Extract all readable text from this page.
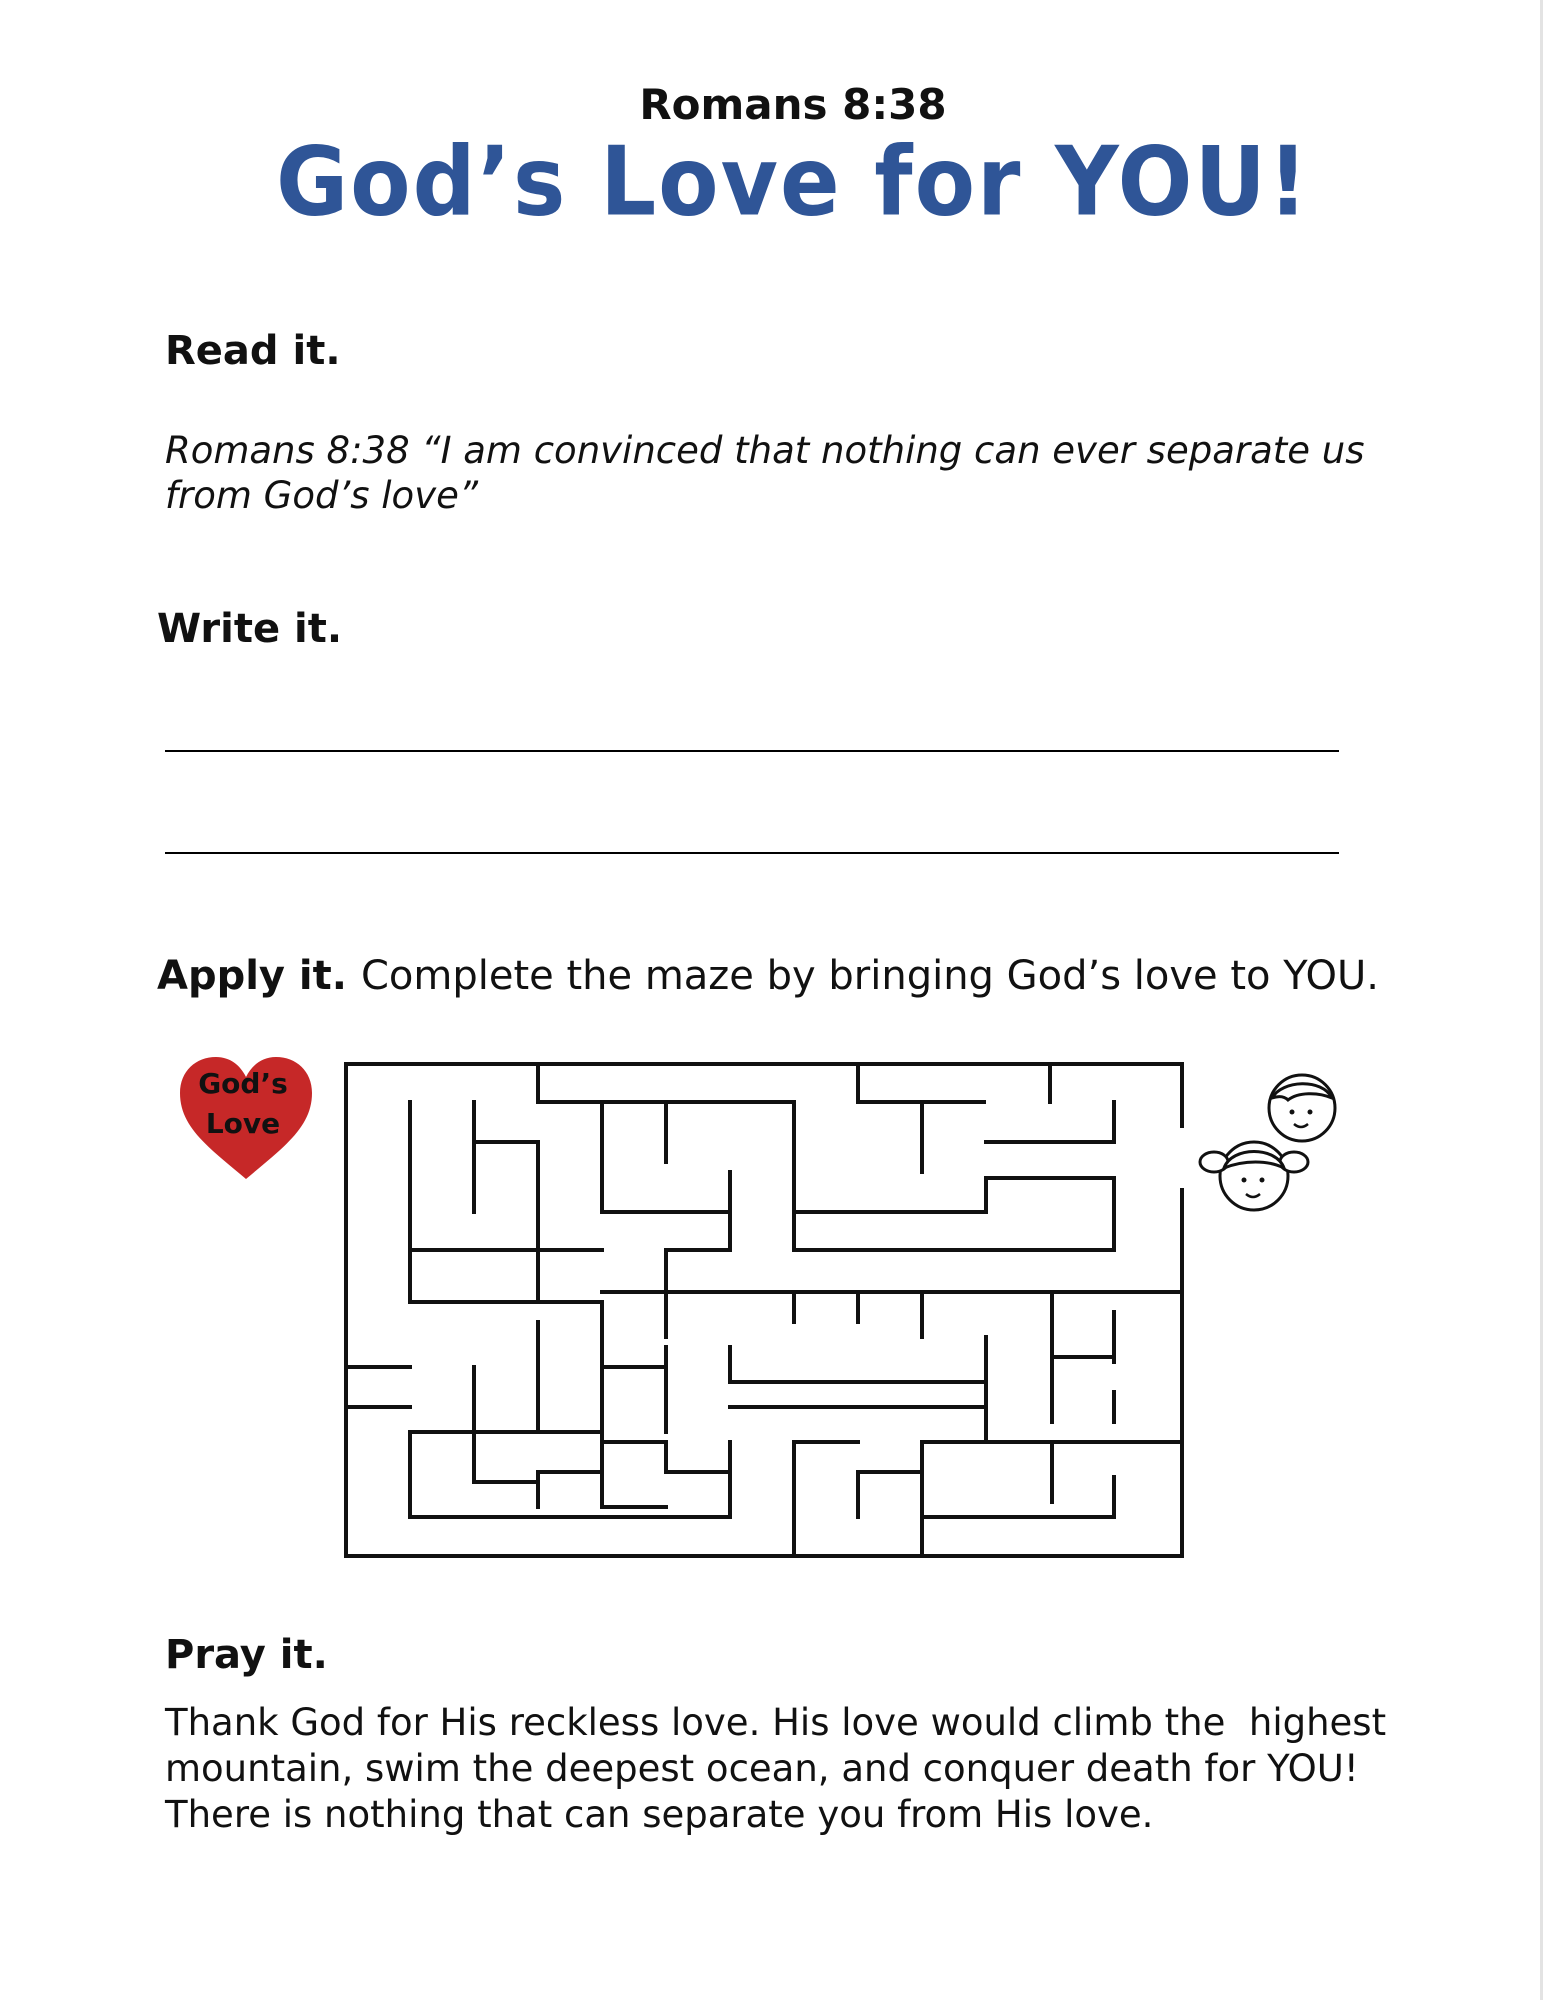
Romans 8:38
God’s Love for YOU!
Read it.
Romans 8:38 “I am convinced that nothing can ever separate us
from God’s love”
Write it.
Apply it. Complete the maze by bringing God’s love to YOU.
God’s
Love
Pray it.
Thank God for His reckless love. His love would climb the  highest
mountain, swim the deepest ocean, and conquer death for YOU!
There is nothing that can separate you from His love.
